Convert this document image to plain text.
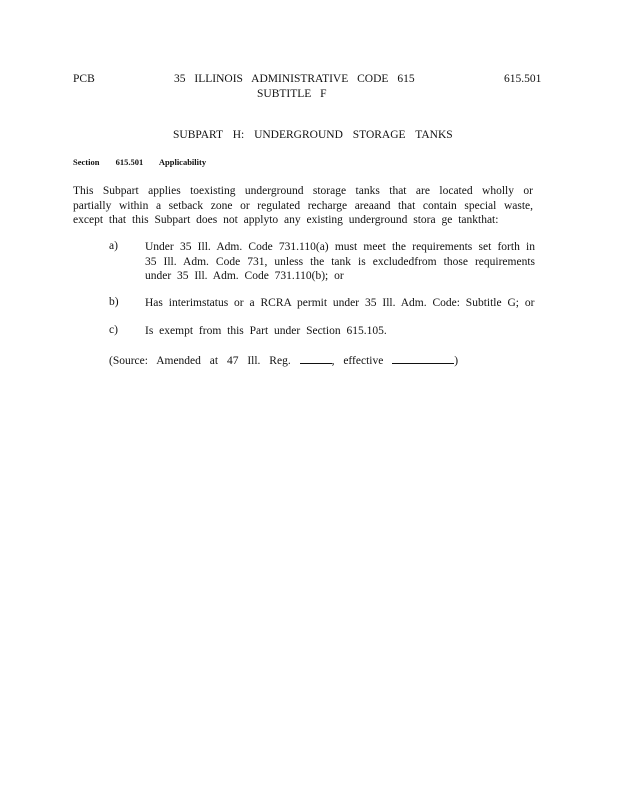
PCB	35 ILLINOIS ADMINISTRATIVE CODE 615
SUBTITLE F
615.501
SUBPART H: UNDERGROUND STORAGE TANKS
Section 615.501 Applicability
This Subpart applies toexisting underground storage tanks that are located wholly or partially within a setback zone or regulated recharge areaand that contain special waste, except that this Subpart does not applyto any existing underground stora ge tankthat:
a) Under 35 Ill. Adm. Code 731.110(a) must meet the requirements set forth in 35 Ill. Adm. Code 731, unless the tank is excludedfrom those requirements under 35 Ill. Adm. Code 731.110(b); or
b) Has interimstatus or a RCRA permit under 35 Ill. Adm. Code: Subtitle G; or
c) Is exempt from this Part under Section 615.105.
(Source: Amended at 47 Ill. Reg.	, effective	)
